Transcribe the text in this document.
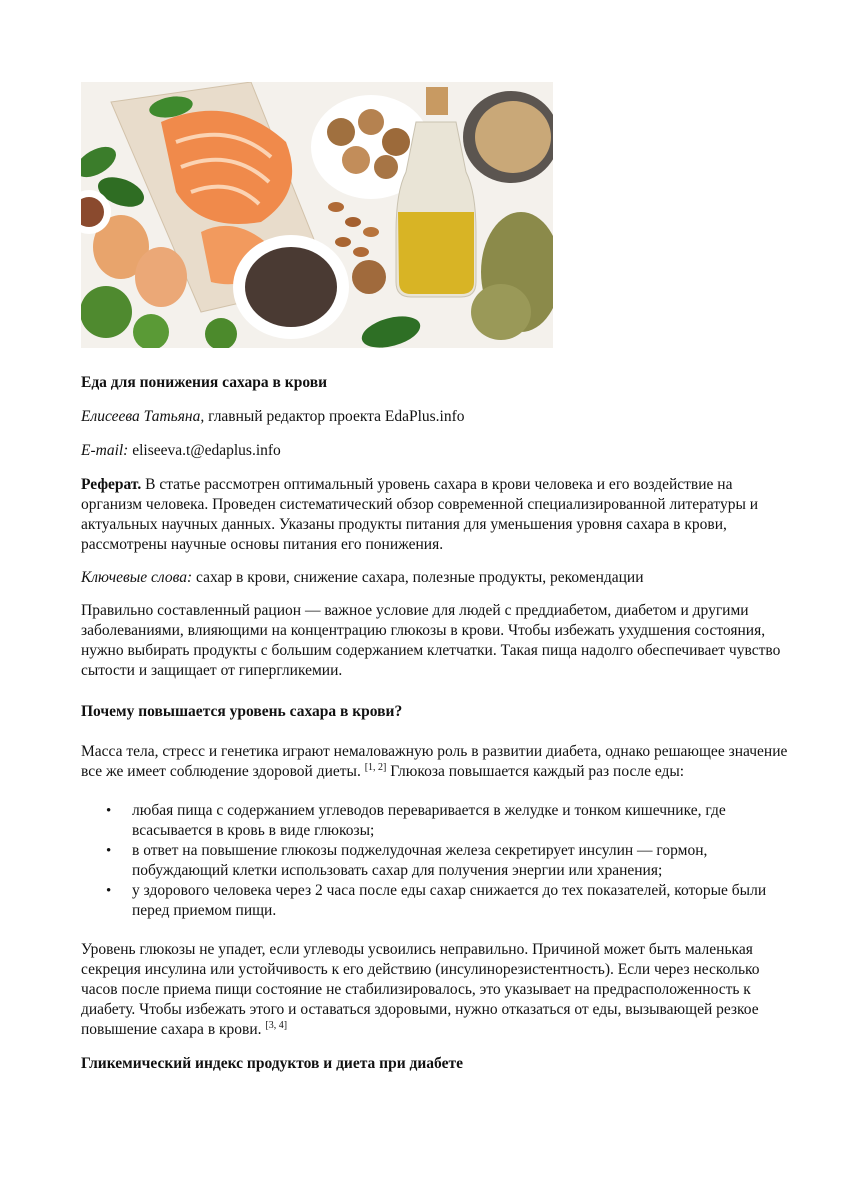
Еда для понижения сахара в крови

Елисеева Татьяна, главный редактор проекта EdaPlus.info

E-mail: eliseeva.t@edaplus.info

Реферат. В статье рассмотрен оптимальный уровень сахара в крови человека и его воздействие на организм человека. Проведен систематический обзор современной специализированной литературы и актуальных научных данных. Указаны продукты питания для уменьшения уровня сахара в крови, рассмотрены научные основы питания его понижения.

Ключевые слова: сахар в крови, снижение сахара, полезные продукты, рекомендации

Правильно составленный рацион — важное условие для людей с преддиабетом, диабетом и другими заболеваниями, влияющими на концентрацию глюкозы в крови. Чтобы избежать ухудшения состояния, нужно выбирать продукты с большим содержанием клетчатки. Такая пища надолго обеспечивает чувство сытости и защищает от гипергликемии.

Почему повышается уровень сахара в крови?

Масса тела, стресс и генетика играют немаловажную роль в развитии диабета, однако решающее значение все же имеет соблюдение здоровой диеты. [1, 2] Глюкоза повышается каждый раз после еды:

• любая пища с содержанием углеводов переваривается в желудке и тонком кишечнике, где всасывается в кровь в виде глюкозы;
• в ответ на повышение глюкозы поджелудочная железа секретирует инсулин — гормон, побуждающий клетки использовать сахар для получения энергии или хранения;
• у здорового человека через 2 часа после еды сахар снижается до тех показателей, которые были перед приемом пищи.

Уровень глюкозы не упадет, если углеводы усвоились неправильно. Причиной может быть маленькая секреция инсулина или устойчивость к его действию (инсулинорезистентность). Если через несколько часов после приема пищи состояние не стабилизировалось, это указывает на предрасположенность к диабету. Чтобы избежать этого и оставаться здоровыми, нужно отказаться от еды, вызывающей резкое повышение сахара в крови. [3, 4]

Гликемический индекс продуктов и диета при диабете
